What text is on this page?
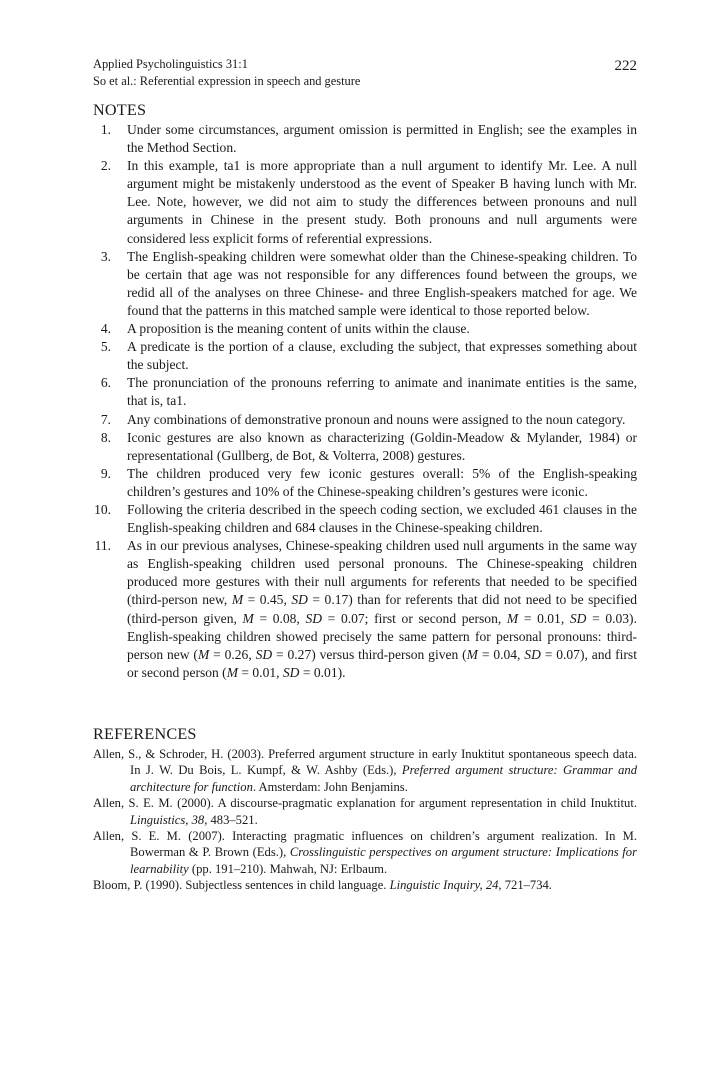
Applied Psycholinguistics 31:1
So et al.: Referential expression in speech and gesture
222
NOTES
1. Under some circumstances, argument omission is permitted in English; see the examples in the Method Section.
2. In this example, ta1 is more appropriate than a null argument to identify Mr. Lee. A null argument might be mistakenly understood as the event of Speaker B having lunch with Mr. Lee. Note, however, we did not aim to study the differences between pronouns and null arguments in Chinese in the present study. Both pronouns and null arguments were considered less explicit forms of referential expressions.
3. The English-speaking children were somewhat older than the Chinese-speaking children. To be certain that age was not responsible for any differences found between the groups, we redid all of the analyses on three Chinese- and three English-speakers matched for age. We found that the patterns in this matched sample were identical to those reported below.
4. A proposition is the meaning content of units within the clause.
5. A predicate is the portion of a clause, excluding the subject, that expresses something about the subject.
6. The pronunciation of the pronouns referring to animate and inanimate entities is the same, that is, ta1.
7. Any combinations of demonstrative pronoun and nouns were assigned to the noun category.
8. Iconic gestures are also known as characterizing (Goldin-Meadow & Mylander, 1984) or representational (Gullberg, de Bot, & Volterra, 2008) gestures.
9. The children produced very few iconic gestures overall: 5% of the English-speaking children’s gestures and 10% of the Chinese-speaking children’s gestures were iconic.
10. Following the criteria described in the speech coding section, we excluded 461 clauses in the English-speaking children and 684 clauses in the Chinese-speaking children.
11. As in our previous analyses, Chinese-speaking children used null arguments in the same way as English-speaking children used personal pronouns. The Chinese-speaking children produced more gestures with their null arguments for referents that needed to be specified (third-person new, M = 0.45, SD = 0.17) than for referents that did not need to be specified (third-person given, M = 0.08, SD = 0.07; first or second person, M = 0.01, SD = 0.03). English-speaking children showed precisely the same pattern for personal pronouns: third-person new (M = 0.26, SD = 0.27) versus third-person given (M = 0.04, SD = 0.07), and first or second person (M = 0.01, SD = 0.01).
REFERENCES
Allen, S., & Schroder, H. (2003). Preferred argument structure in early Inuktitut spontaneous speech data. In J. W. Du Bois, L. Kumpf, & W. Ashby (Eds.), Preferred argument structure: Grammar and architecture for function. Amsterdam: John Benjamins.
Allen, S. E. M. (2000). A discourse-pragmatic explanation for argument representation in child Inuktitut. Linguistics, 38, 483–521.
Allen, S. E. M. (2007). Interacting pragmatic influences on children’s argument realization. In M. Bowerman & P. Brown (Eds.), Crosslinguistic perspectives on argument structure: Implications for learnability (pp. 191–210). Mahwah, NJ: Erlbaum.
Bloom, P. (1990). Subjectless sentences in child language. Linguistic Inquiry, 24, 721–734.
